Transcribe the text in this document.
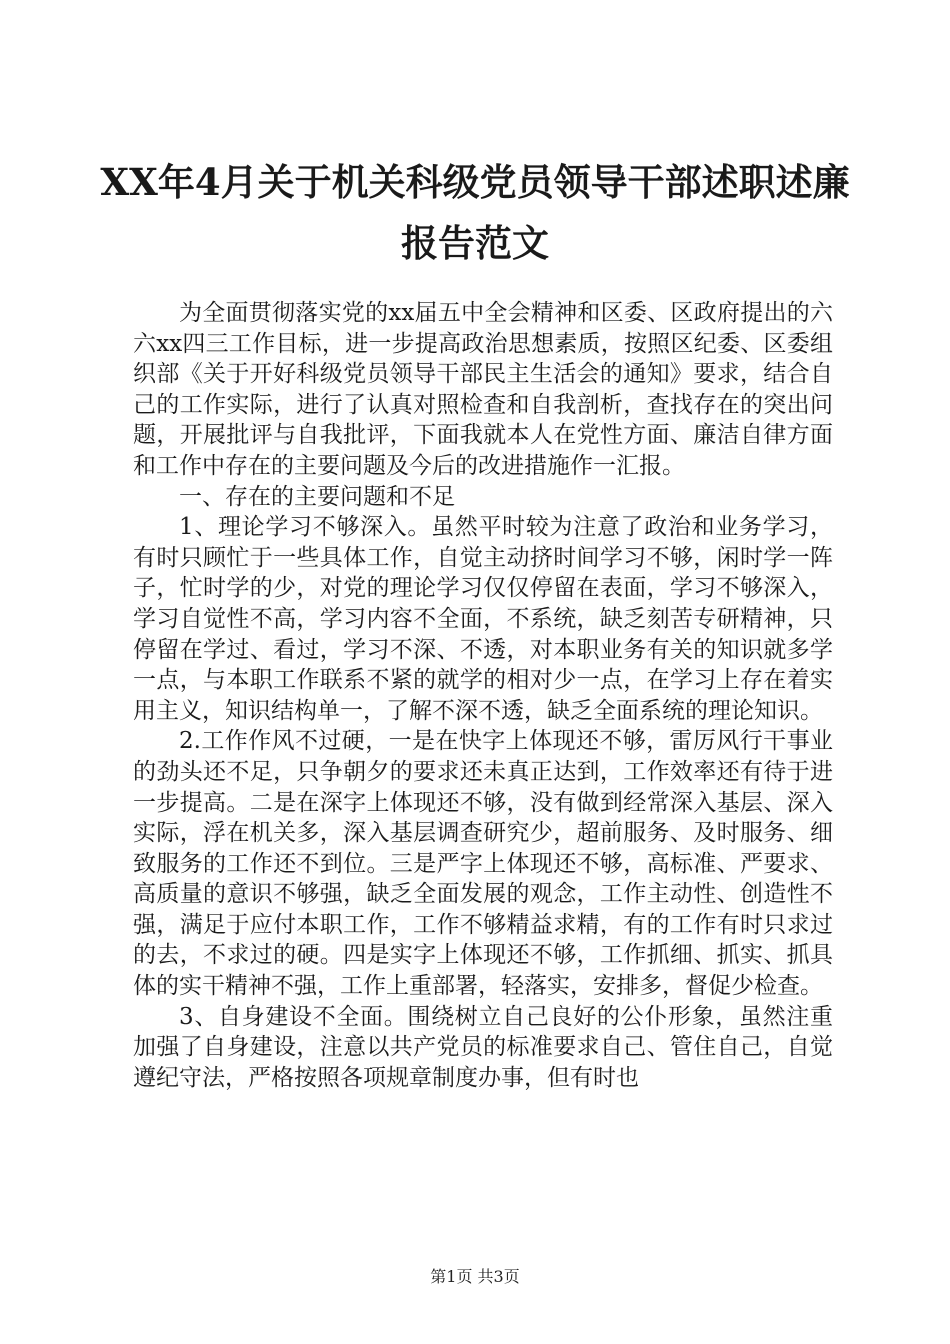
XX年4月关于机关科级党员领导干部述职述廉
报告范文

为全面贯彻落实党的xx届五中全会精神和区委、区政府提出的六六xx四三工作目标，进一步提高政治思想素质，按照区纪委、区委组织部《关于开好科级党员领导干部民主生活会的通知》要求，结合自己的工作实际，进行了认真对照检查和自我剖析，查找存在的突出问题，开展批评与自我批评，下面我就本人在党性方面、廉洁自律方面和工作中存在的主要问题及今后的改进措施作一汇报。

一、存在的主要问题和不足

1、理论学习不够深入。虽然平时较为注意了政治和业务学习，有时只顾忙于一些具体工作，自觉主动挤时间学习不够，闲时学一阵子，忙时学的少，对党的理论学习仅仅停留在表面，学习不够深入，学习自觉性不高，学习内容不全面，不系统，缺乏刻苦专研精神，只停留在学过、看过，学习不深、不透，对本职业务有关的知识就多学一点，与本职工作联系不紧的就学的相对少一点，在学习上存在着实用主义，知识结构单一，了解不深不透，缺乏全面系统的理论知识。

2.工作作风不过硬，一是在快字上体现还不够，雷厉风行干事业的劲头还不足，只争朝夕的要求还未真正达到，工作效率还有待于进一步提高。二是在深字上体现还不够，没有做到经常深入基层、深入实际，浮在机关多，深入基层调查研究少，超前服务、及时服务、细致服务的工作还不到位。三是严字上体现还不够，高标准、严要求、高质量的意识不够强，缺乏全面发展的观念，工作主动性、创造性不强，满足于应付本职工作，工作不够精益求精，有的工作有时只求过的去，不求过的硬。四是实字上体现还不够，工作抓细、抓实、抓具体的实干精神不强，工作上重部署，轻落实，安排多，督促少检查。

3、自身建设不全面。围绕树立自己良好的公仆形象，虽然注重加强了自身建设，注意以共产党员的标准要求自己、管住自己，自觉遵纪守法，严格按照各项规章制度办事，但有时也

第1页 共3页
